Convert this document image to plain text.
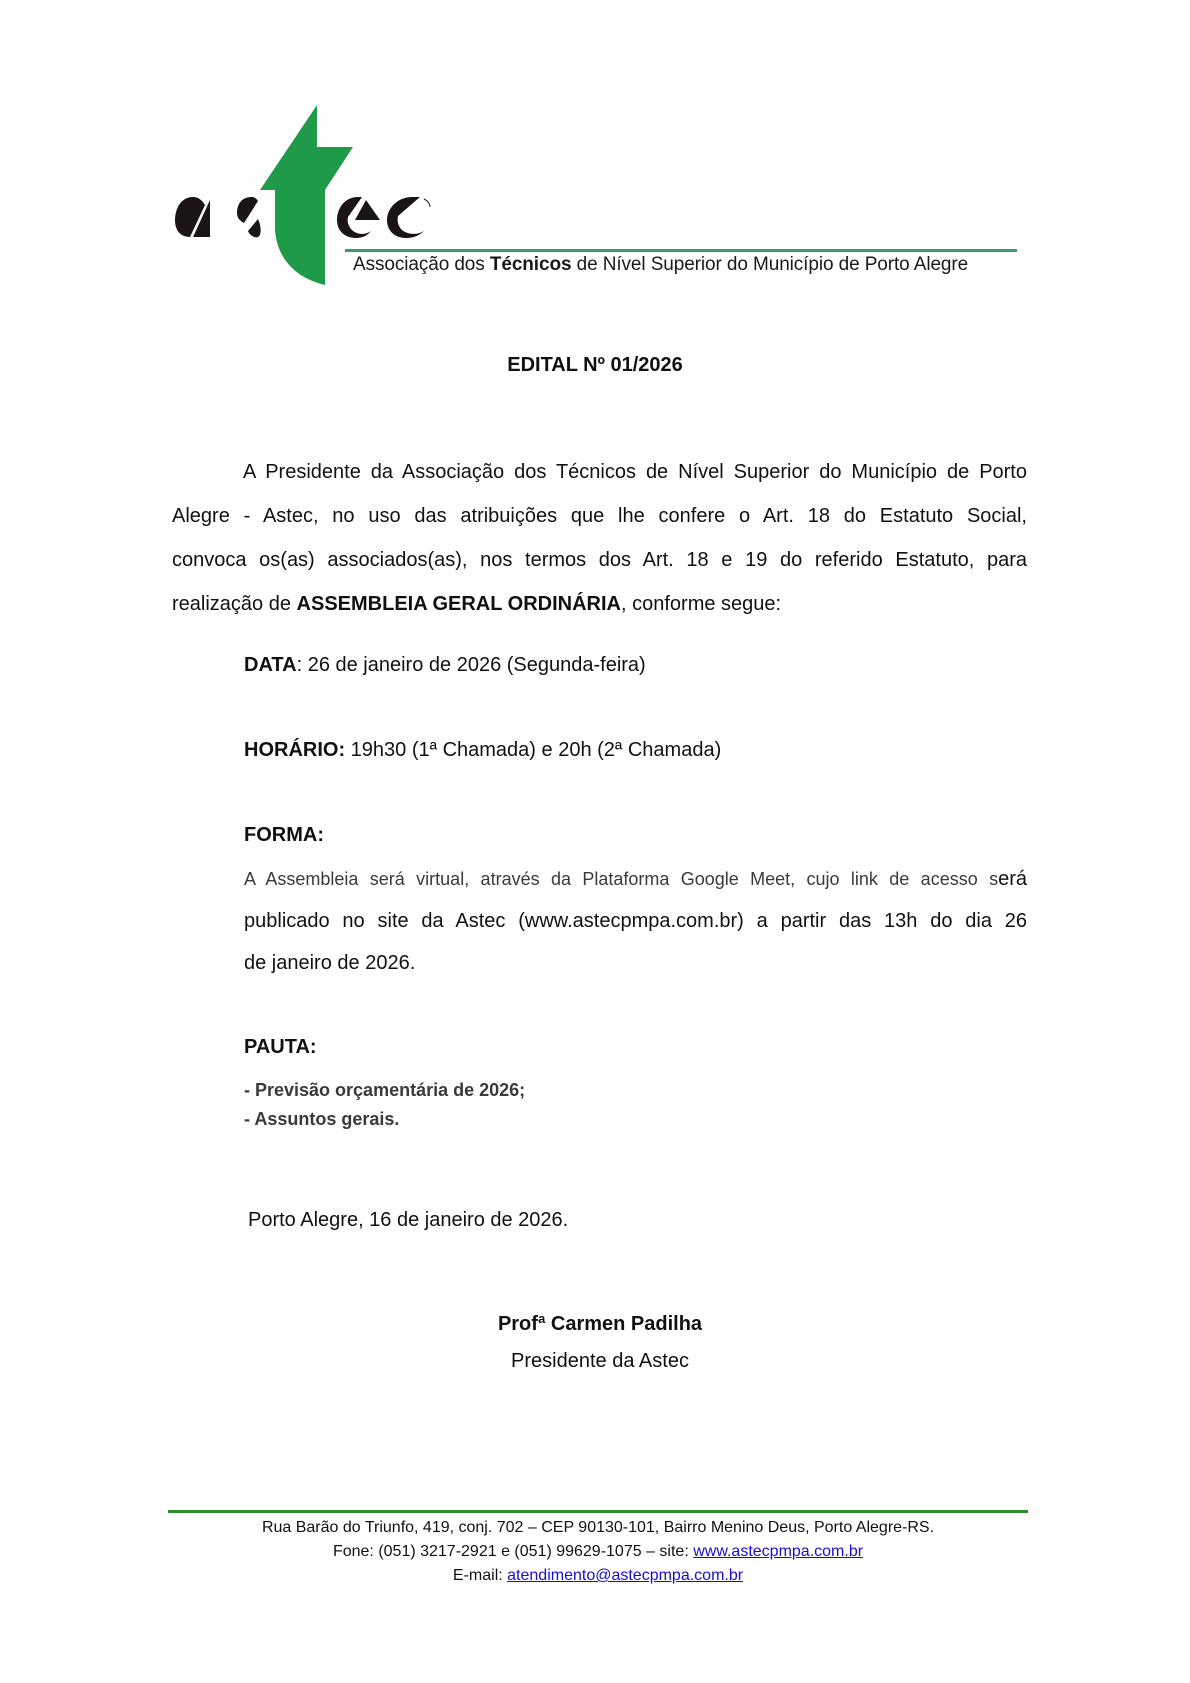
Associação dos Técnicos de Nível Superior do Município de Porto Alegre
EDITAL Nº 01/2026
A Presidente da Associação dos Técnicos de Nível Superior do Município de Porto
Alegre - Astec, no uso das atribuições que lhe confere o Art. 18 do Estatuto Social,
convoca os(as) associados(as), nos termos dos Art. 18 e 19 do referido Estatuto, para
realização de ASSEMBLEIA GERAL ORDINÁRIA, conforme segue:
DATA: 26 de janeiro de 2026 (Segunda-feira)
HORÁRIO: 19h30 (1ª Chamada) e 20h (2ª Chamada)
FORMA:
A Assembleia será virtual, através da Plataforma Google Meet, cujo link de acesso será
publicado no site da Astec (www.astecpmpa.com.br) a partir das 13h do dia 26
de janeiro de 2026.
PAUTA:
- Previsão orçamentária de 2026;
- Assuntos gerais.
Porto Alegre, 16 de janeiro de 2026.
Profª Carmen Padilha
Presidente da Astec
Rua Barão do Triunfo, 419, conj. 702 – CEP 90130-101, Bairro Menino Deus, Porto Alegre-RS.
Fone: (051) 3217-2921 e (051) 99629-1075 – site: www.astecpmpa.com.br
E-mail: atendimento@astecpmpa.com.br
